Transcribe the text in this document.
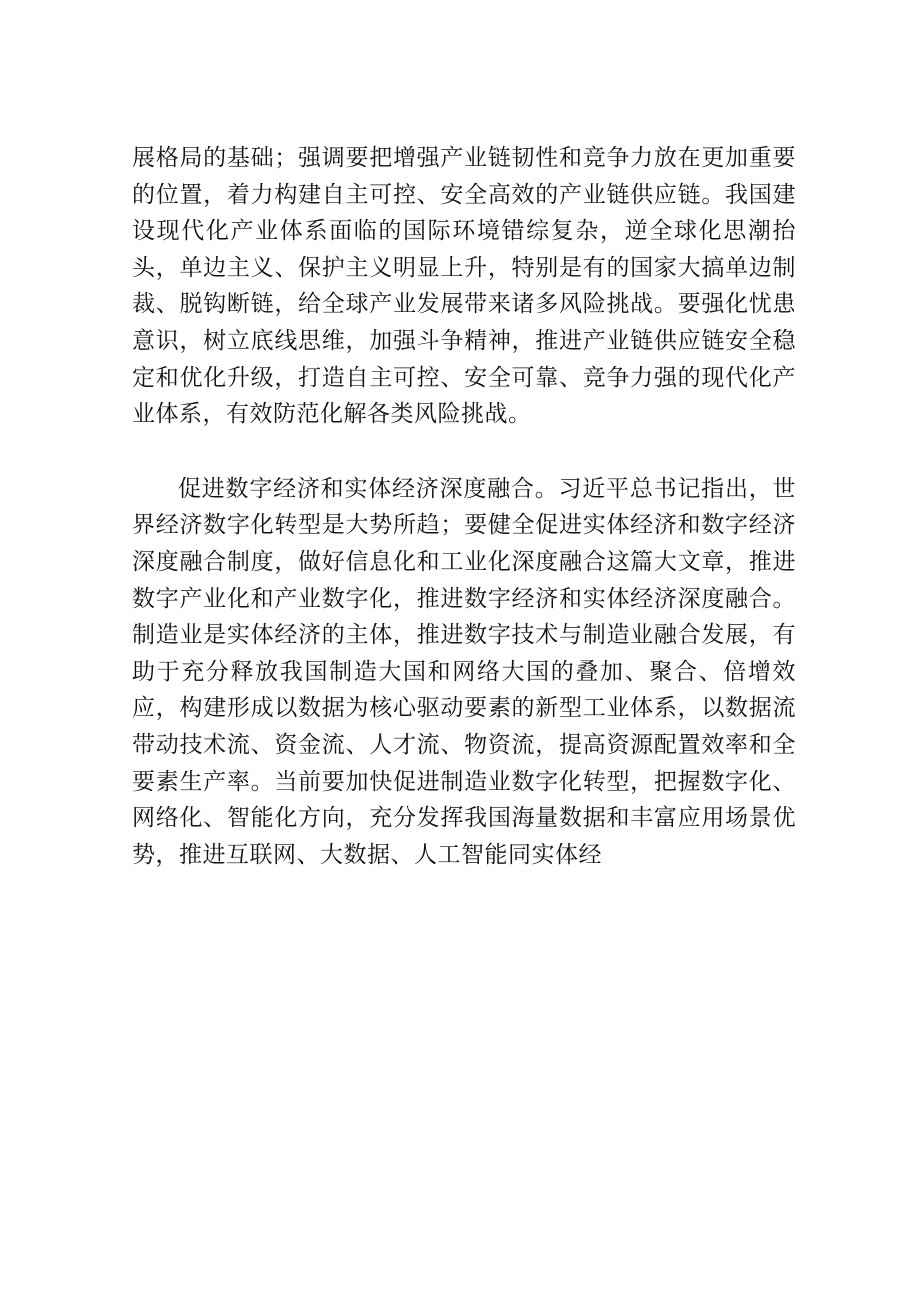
展格局的基础；强调要把增强产业链韧性和竞争力放在更加重要的位置，着力构建自主可控、安全高效的产业链供应链。我国建设现代化产业体系面临的国际环境错综复杂，逆全球化思潮抬头，单边主义、保护主义明显上升，特别是有的国家大搞单边制裁、脱钩断链，给全球产业发展带来诸多风险挑战。要强化忧患意识，树立底线思维，加强斗争精神，推进产业链供应链安全稳定和优化升级，打造自主可控、安全可靠、竞争力强的现代化产业体系，有效防范化解各类风险挑战。

促进数字经济和实体经济深度融合。习近平总书记指出，世界经济数字化转型是大势所趋；要健全促进实体经济和数字经济深度融合制度，做好信息化和工业化深度融合这篇大文章，推进数字产业化和产业数字化，推进数字经济和实体经济深度融合。制造业是实体经济的主体，推进数字技术与制造业融合发展，有助于充分释放我国制造大国和网络大国的叠加、聚合、倍增效应，构建形成以数据为核心驱动要素的新型工业体系，以数据流带动技术流、资金流、人才流、物资流，提高资源配置效率和全要素生产率。当前要加快促进制造业数字化转型，把握数字化、网络化、智能化方向，充分发挥我国海量数据和丰富应用场景优势，推进互联网、大数据、人工智能同实体经
